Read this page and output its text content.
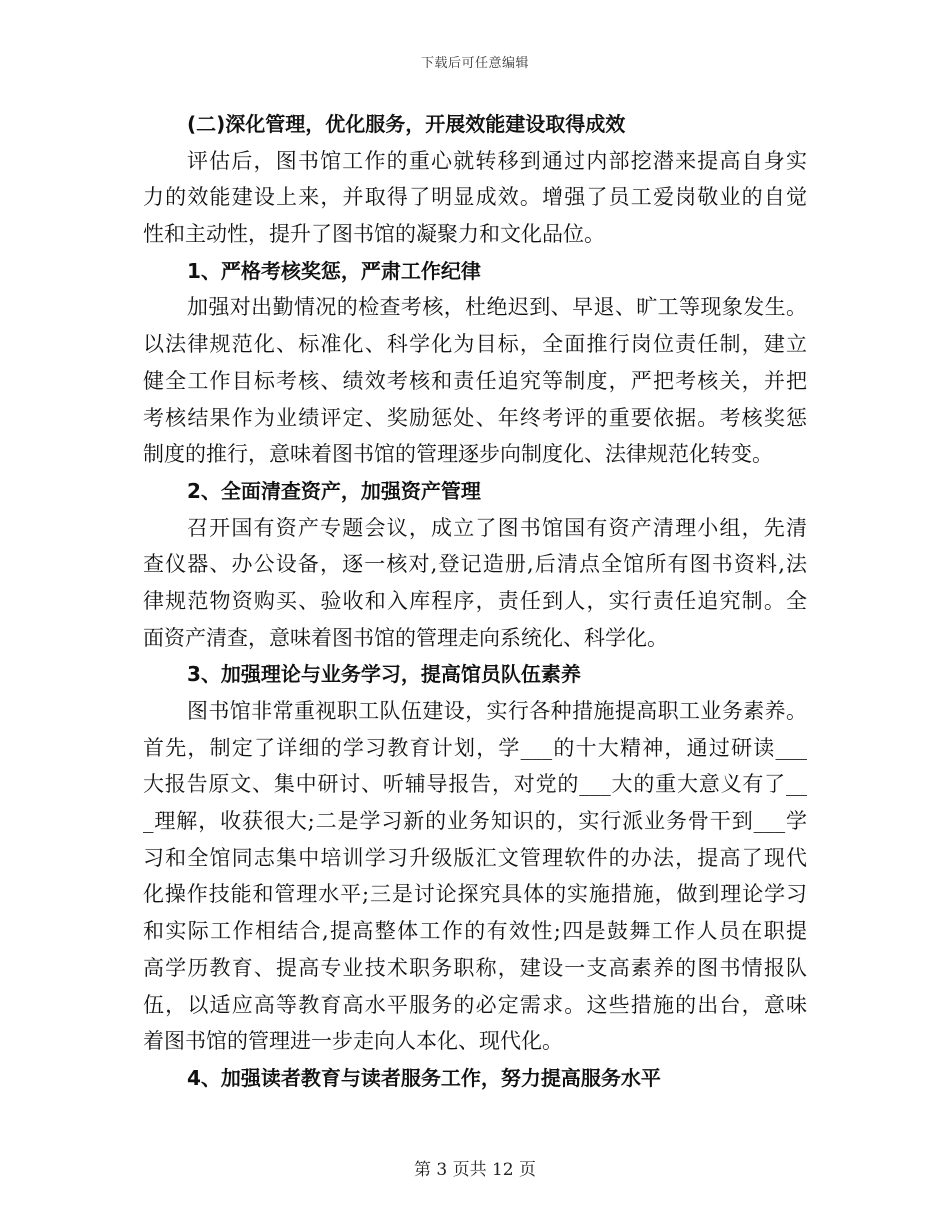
下载后可任意编辑
(二)深化管理，优化服务，开展效能建设取得成效
评估后，图书馆工作的重心就转移到通过内部挖潜来提高自身实
力的效能建设上来，并取得了明显成效。增强了员工爱岗敬业的自觉
性和主动性，提升了图书馆的凝聚力和文化品位。
1、严格考核奖惩，严肃工作纪律
加强对出勤情况的检查考核，杜绝迟到、早退、旷工等现象发生。
以法律规范化、标准化、科学化为目标，全面推行岗位责任制，建立
健全工作目标考核、绩效考核和责任追究等制度，严把考核关，并把
考核结果作为业绩评定、奖励惩处、年终考评的重要依据。考核奖惩
制度的推行，意味着图书馆的管理逐步向制度化、法律规范化转变。
2、全面清查资产，加强资产管理
召开国有资产专题会议，成立了图书馆国有资产清理小组，先清
查仪器、办公设备，逐一核对,登记造册,后清点全馆所有图书资料,法
律规范物资购买、验收和入库程序，责任到人，实行责任追究制。全
面资产清查，意味着图书馆的管理走向系统化、科学化。
3、加强理论与业务学习，提高馆员队伍素养
图书馆非常重视职工队伍建设，实行各种措施提高职工业务素养。
首先，制定了详细的学习教育计划，学___的十大精神，通过研读___
大报告原文、集中研讨、听辅导报告，对党的___大的重大意义有了__
_理解，收获很大;二是学习新的业务知识的，实行派业务骨干到___学
习和全馆同志集中培训学习升级版汇文管理软件的办法，提高了现代
化操作技能和管理水平;三是讨论探究具体的实施措施，做到理论学习
和实际工作相结合,提高整体工作的有效性;四是鼓舞工作人员在职提
高学历教育、提高专业技术职务职称，建设一支高素养的图书情报队
伍，以适应高等教育高水平服务的必定需求。这些措施的出台，意味
着图书馆的管理进一步走向人本化、现代化。
4、加强读者教育与读者服务工作，努力提高服务水平
第 3 页共 12 页
